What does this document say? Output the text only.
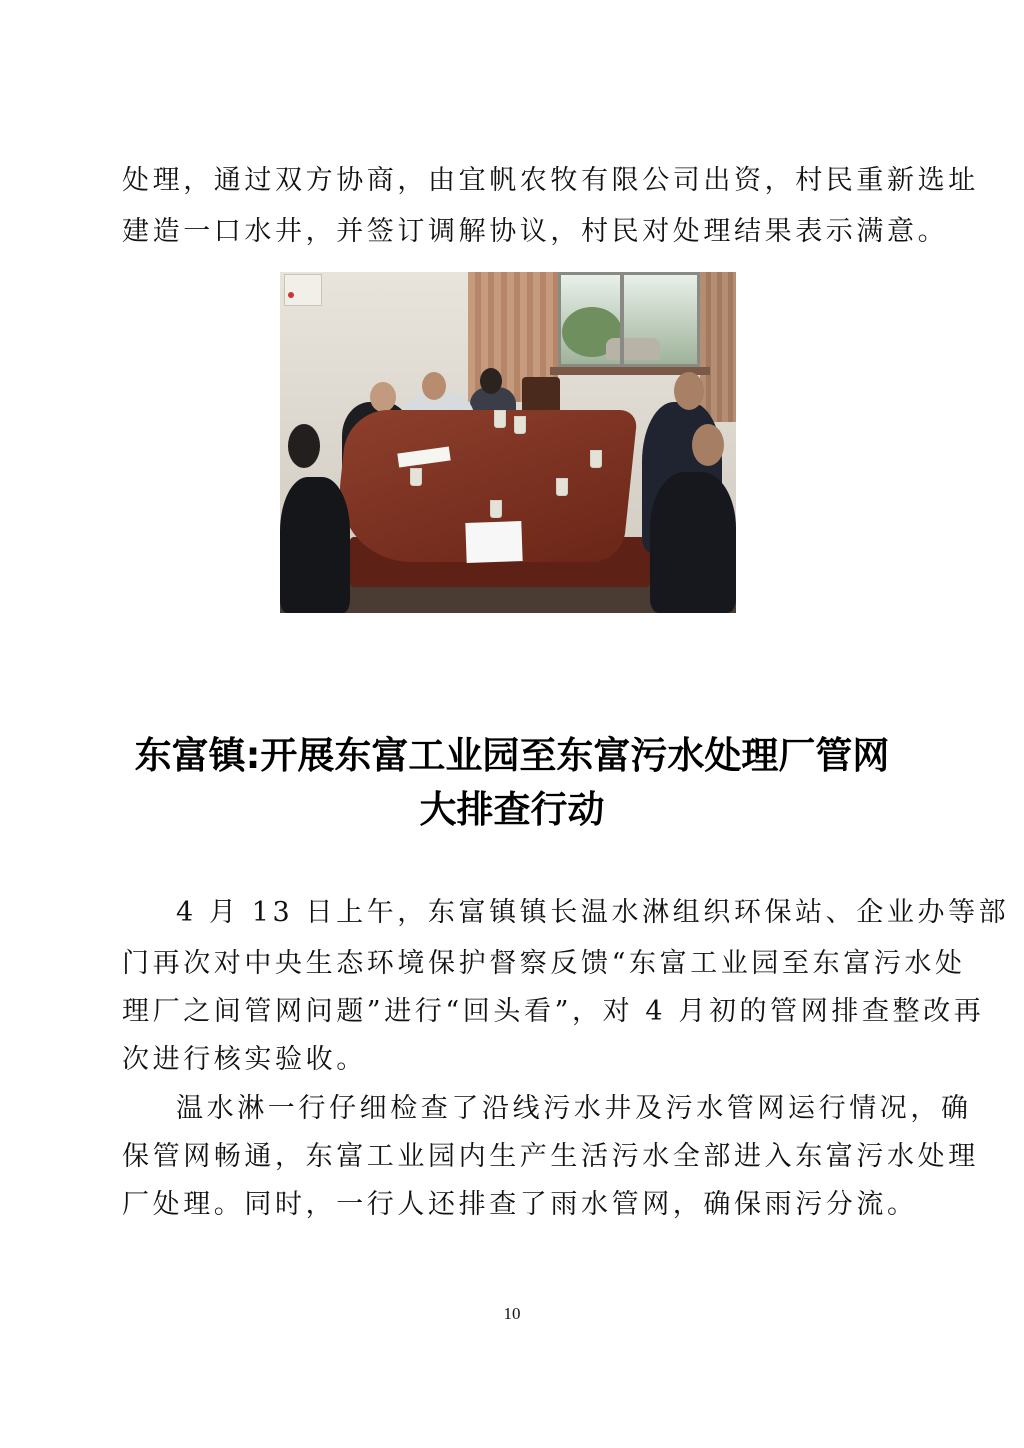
处理，通过双方协商，由宜帆农牧有限公司出资，村民重新选址

建造一口水井，并签订调解协议，村民对处理结果表示满意。

东富镇:开展东富工业园至东富污水处理厂管网
大排查行动

4 月 13 日上午，东富镇镇长温水淋组织环保站、企业办等部

门再次对中央生态环境保护督察反馈“东富工业园至东富污水处

理厂之间管网问题”进行“回头看”，对 4 月初的管网排查整改再

次进行核实验收。

温水淋一行仔细检查了沿线污水井及污水管网运行情况，确

保管网畅通，东富工业园内生产生活污水全部进入东富污水处理

厂处理。同时，一行人还排查了雨水管网，确保雨污分流。

10
